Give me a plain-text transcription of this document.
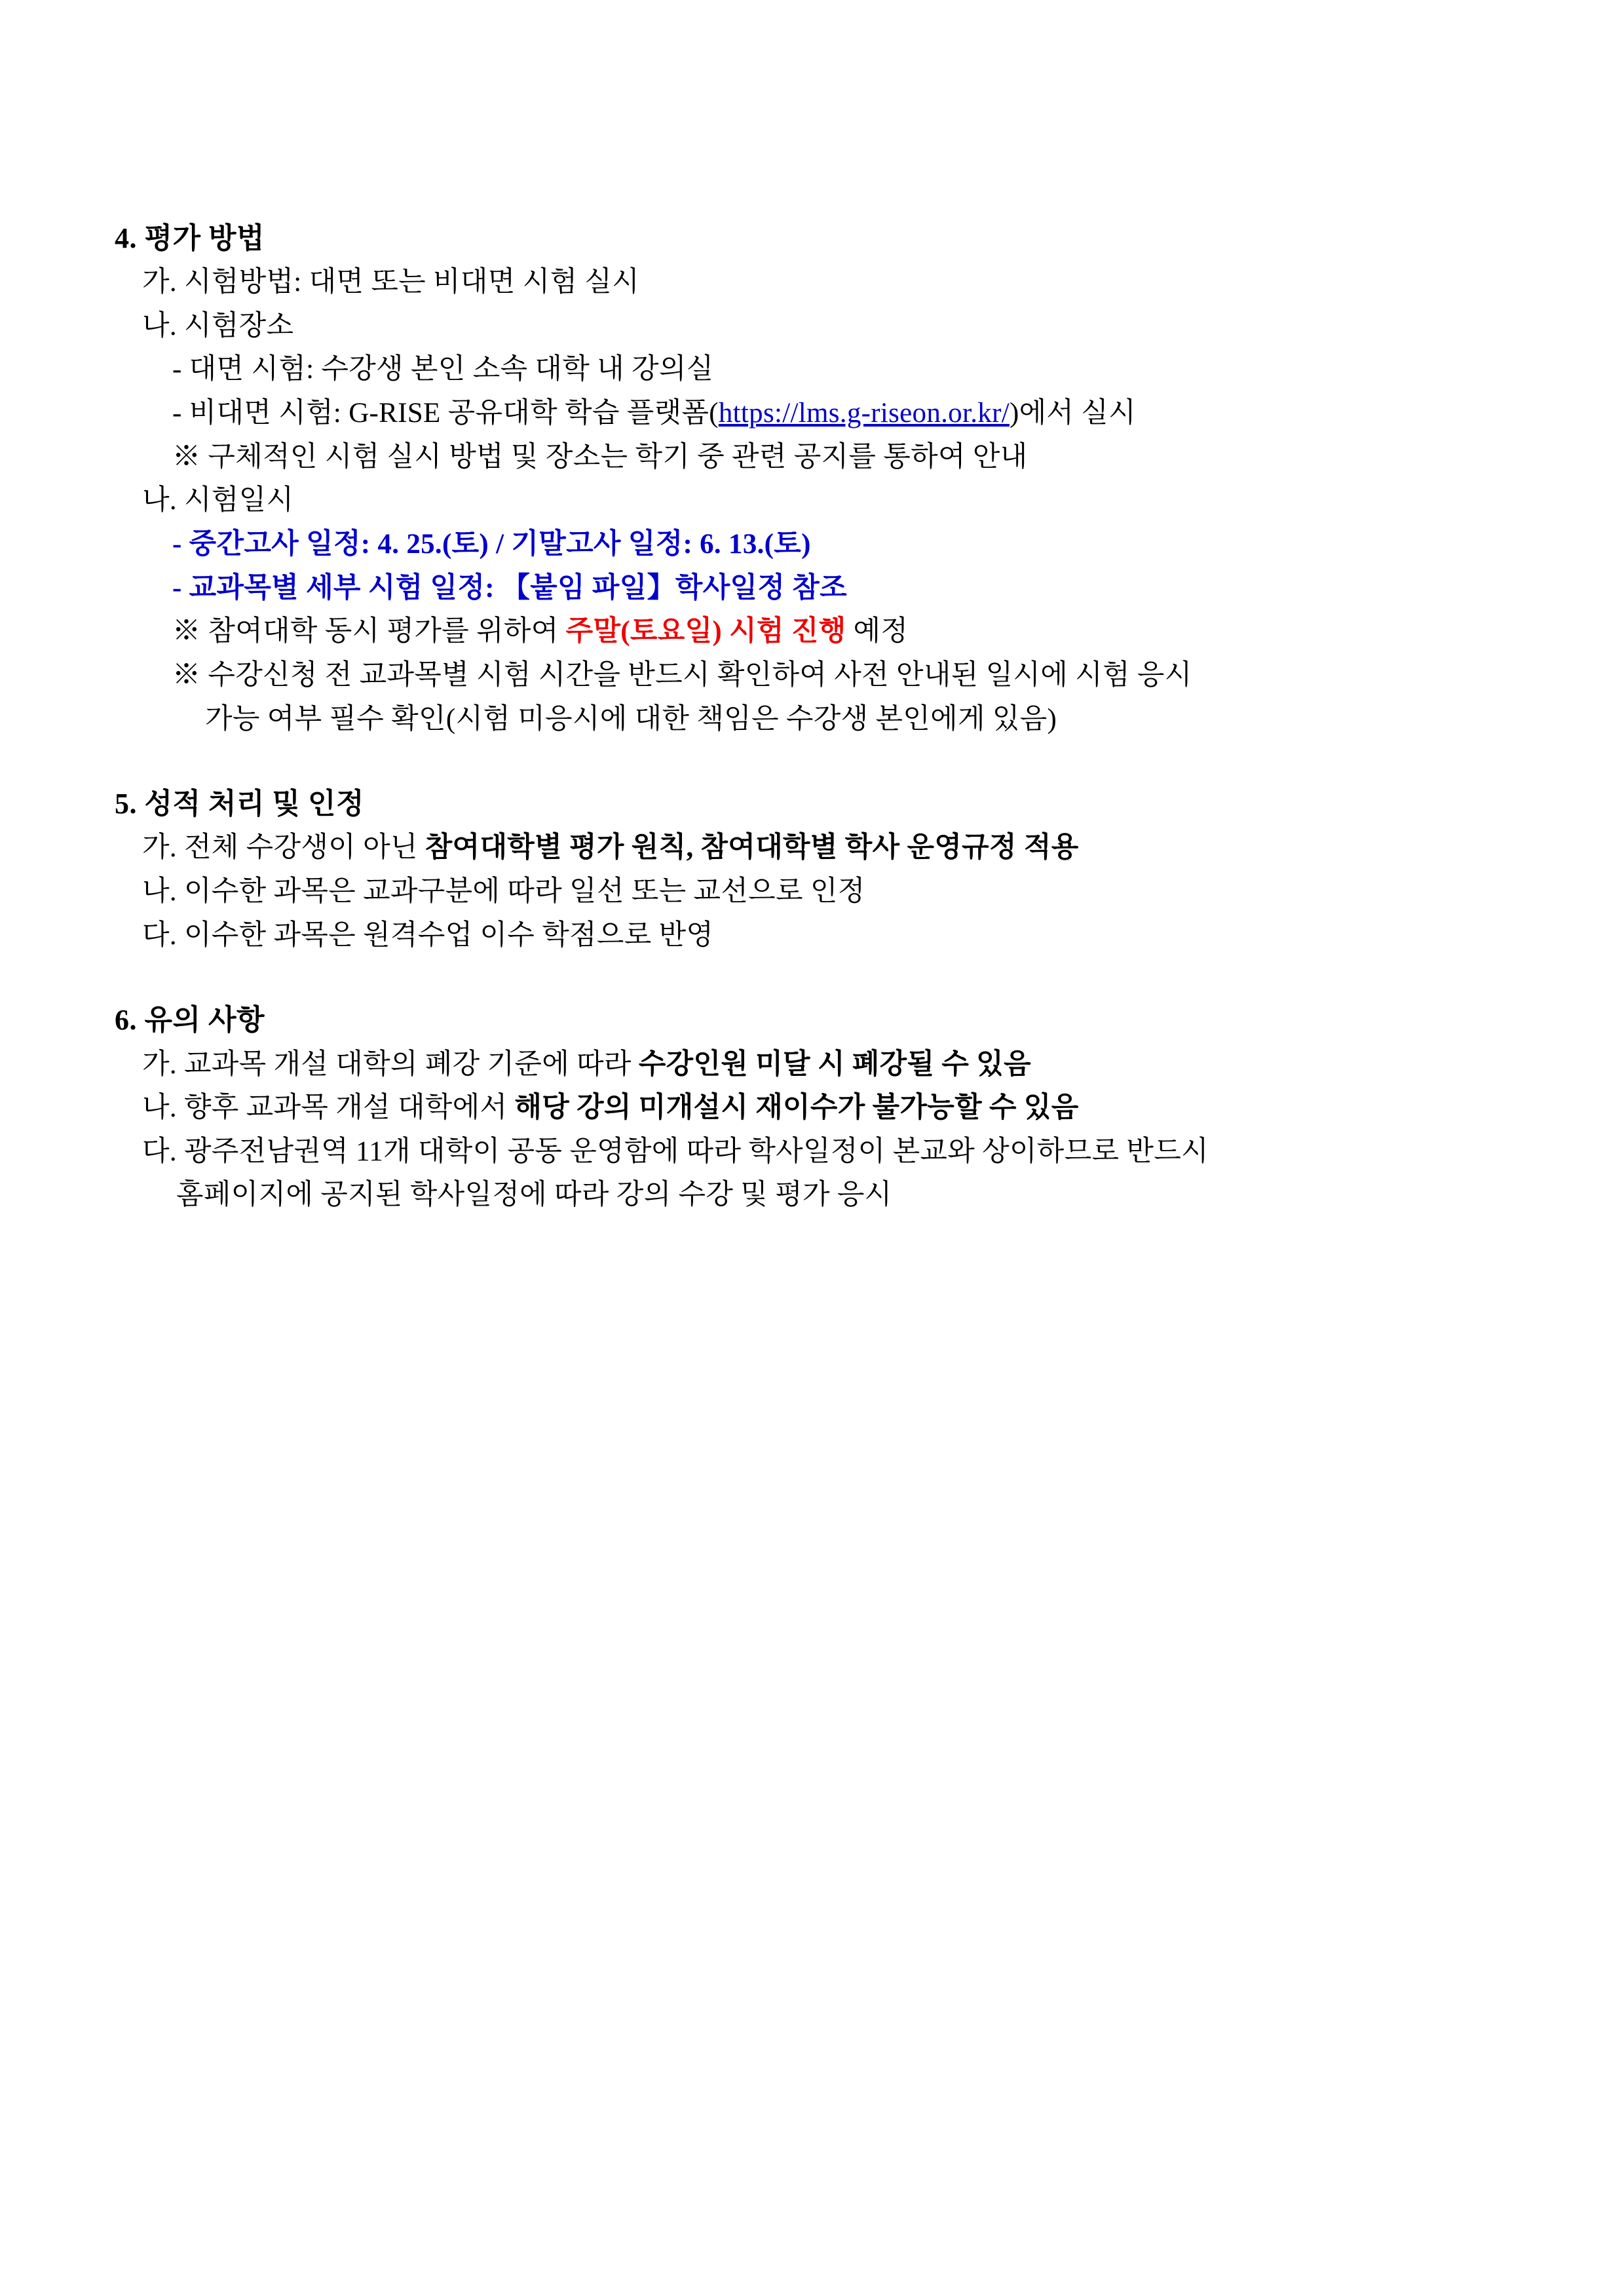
4. 평가 방법
가. 시험방법: 대면 또는 비대면 시험 실시
나. 시험장소
- 대면 시험: 수강생 본인 소속 대학 내 강의실
- 비대면 시험: G-RISE 공유대학 학습 플랫폼(https://lms.g-riseon.or.kr/)에서 실시
※ 구체적인 시험 실시 방법 및 장소는 학기 중 관련 공지를 통하여 안내
나. 시험일시
- 중간고사 일정: 4. 25.(토) / 기말고사 일정: 6. 13.(토)
- 교과목별 세부 시험 일정: 【붙임 파일】학사일정 참조
※ 참여대학 동시 평가를 위하여 주말(토요일) 시험 진행 예정
※ 수강신청 전 교과목별 시험 시간을 반드시 확인하여 사전 안내된 일시에 시험 응시
가능 여부 필수 확인(시험 미응시에 대한 책임은 수강생 본인에게 있음)
5. 성적 처리 및 인정
가. 전체 수강생이 아닌 참여대학별 평가 원칙, 참여대학별 학사 운영규정 적용
나. 이수한 과목은 교과구분에 따라 일선 또는 교선으로 인정
다. 이수한 과목은 원격수업 이수 학점으로 반영
6. 유의 사항
가. 교과목 개설 대학의 폐강 기준에 따라 수강인원 미달 시 폐강될 수 있음
나. 향후 교과목 개설 대학에서 해당 강의 미개설시 재이수가 불가능할 수 있음
다. 광주전남권역 11개 대학이 공동 운영함에 따라 학사일정이 본교와 상이하므로 반드시
홈페이지에 공지된 학사일정에 따라 강의 수강 및 평가 응시
